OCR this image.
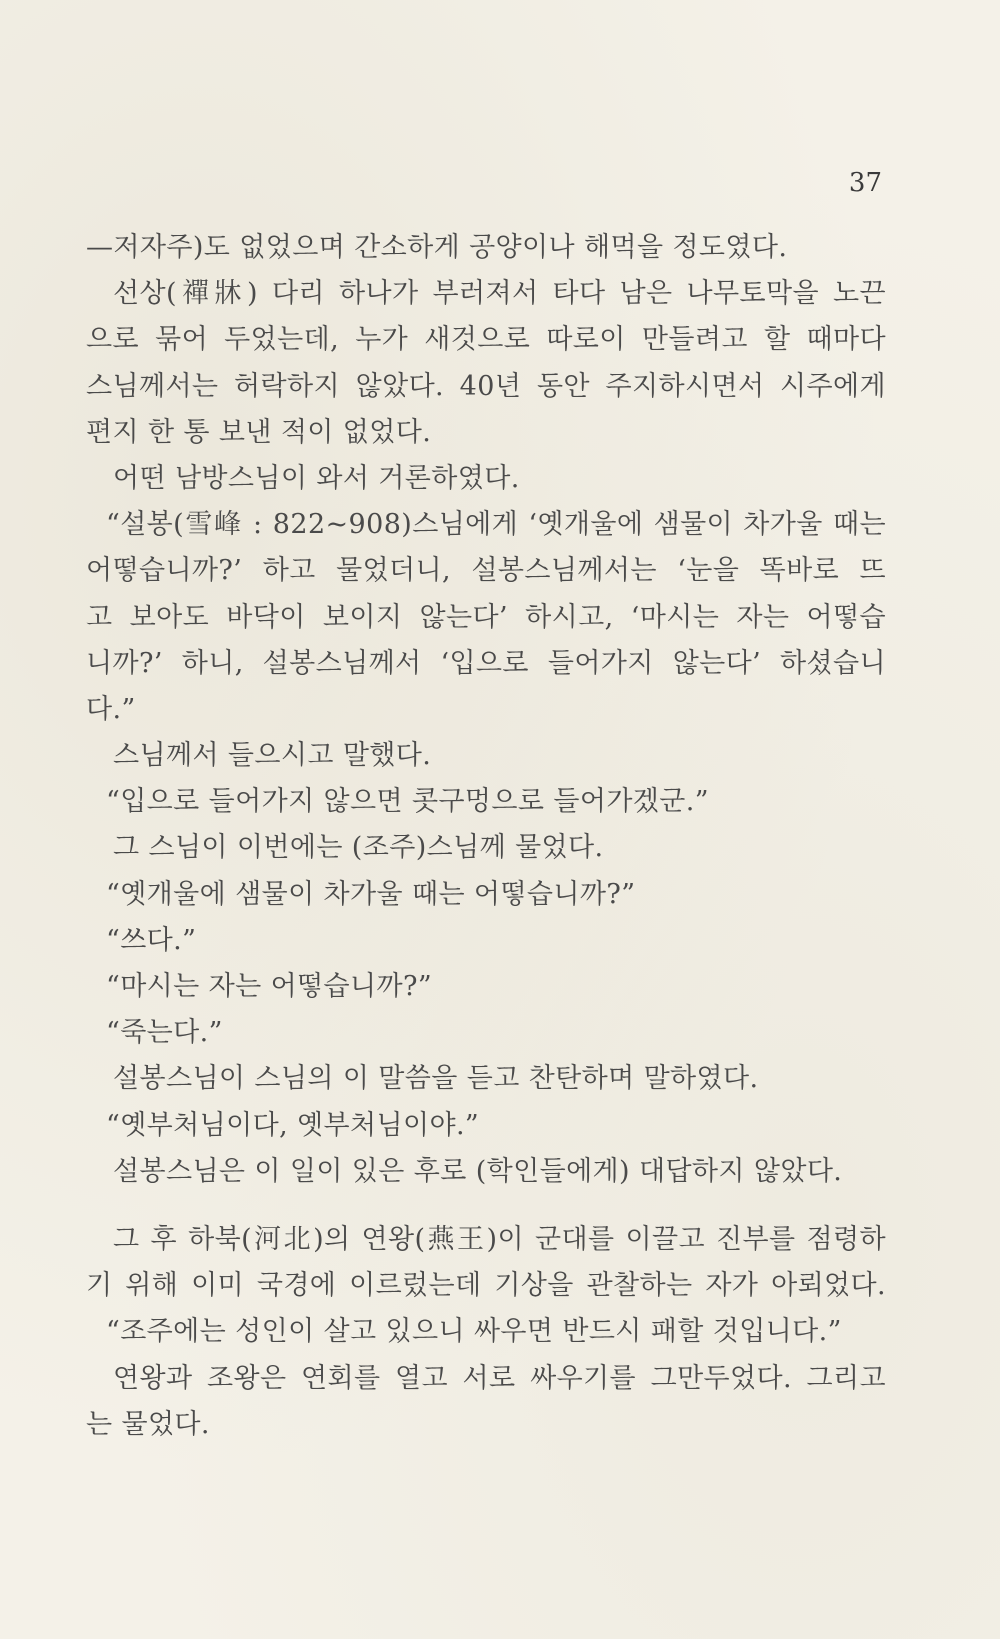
37
—저자주)도 없었으며 간소하게 공양이나 해먹을 정도였다.
선상(禪牀) 다리 하나가 부러져서 타다 남은 나무토막을 노끈
으로 묶어 두었는데, 누가 새것으로 따로이 만들려고 할 때마다
스님께서는 허락하지 않았다. 40년 동안 주지하시면서 시주에게
편지 한 통 보낸 적이 없었다.
어떤 남방스님이 와서 거론하였다.
“설봉(雪峰 : 822~908)스님에게 ‘옛개울에 샘물이 차가울 때는
어떻습니까?’ 하고 물었더니, 설봉스님께서는 ‘눈을 똑바로 뜨
고 보아도 바닥이 보이지 않는다’ 하시고, ‘마시는 자는 어떻습
니까?’ 하니, 설봉스님께서 ‘입으로 들어가지 않는다’ 하셨습니
다.”
스님께서 들으시고 말했다.
“입으로 들어가지 않으면 콧구멍으로 들어가겠군.”
그 스님이 이번에는 (조주)스님께 물었다.
“옛개울에 샘물이 차가울 때는 어떻습니까?”
“쓰다.”
“마시는 자는 어떻습니까?”
“죽는다.”
설봉스님이 스님의 이 말씀을 듣고 찬탄하며 말하였다.
“옛부처님이다, 옛부처님이야.”
설봉스님은 이 일이 있은 후로 (학인들에게) 대답하지 않았다.
그 후 하북(河北)의 연왕(燕王)이 군대를 이끌고 진부를 점령하
기 위해 이미 국경에 이르렀는데 기상을 관찰하는 자가 아뢰었다.
“조주에는 성인이 살고 있으니 싸우면 반드시 패할 것입니다.”
연왕과 조왕은 연회를 열고 서로 싸우기를 그만두었다. 그리고
는 물었다.
